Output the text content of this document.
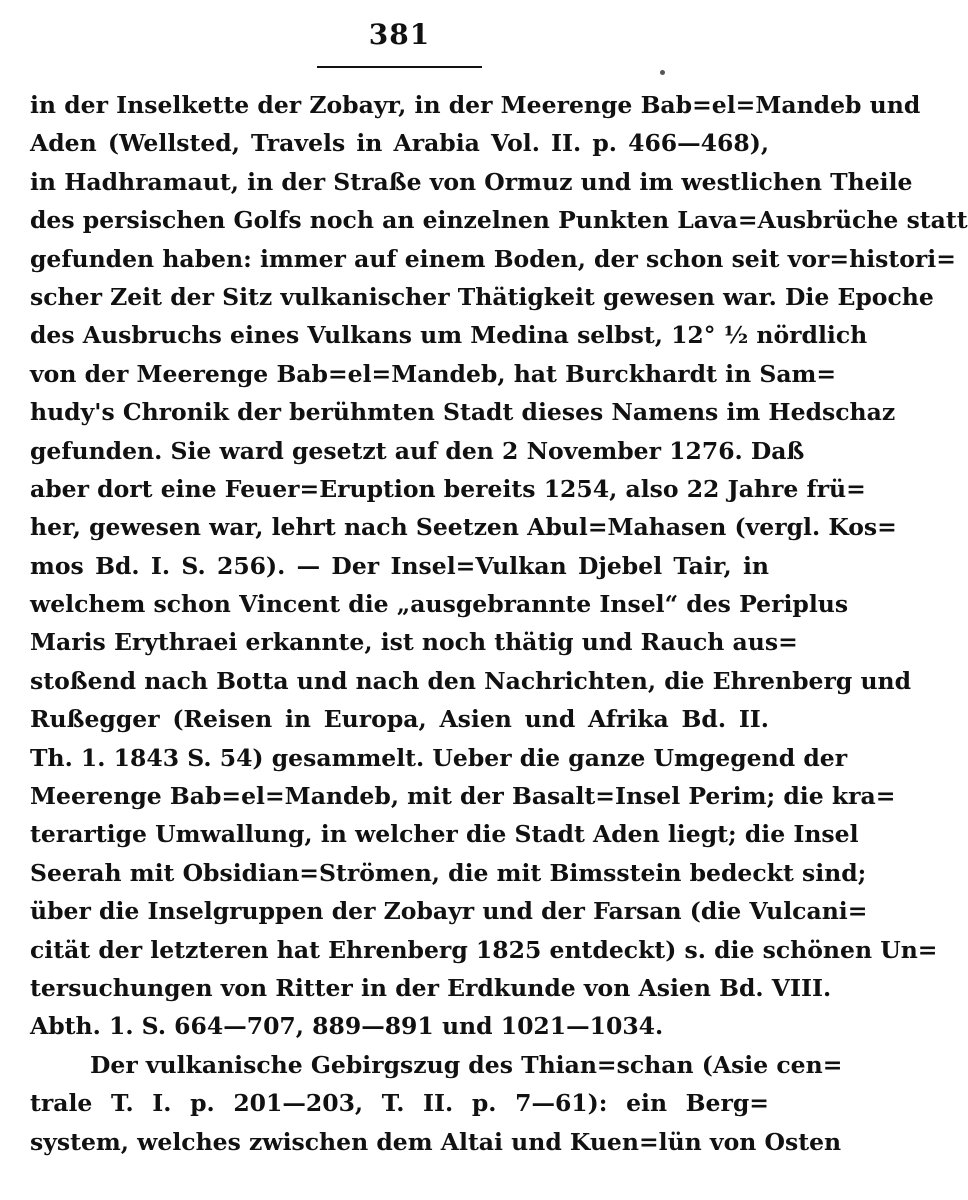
381
in der Inselkette der Zobayr, in der Meerenge Bab=el=Mandeb und
Aden (Wellsted, Travels in Arabia Vol. II. p. 466—468),
in Hadhramaut, in der Straße von Ormuz und im westlichen Theile
des persischen Golfs noch an einzelnen Punkten Lava=Ausbrüche statt
gefunden haben: immer auf einem Boden, der schon seit vor=histori=
scher Zeit der Sitz vulkanischer Thätigkeit gewesen war. Die Epoche
des Ausbruchs eines Vulkans um Medina selbst, 12° ½ nördlich
von der Meerenge Bab=el=Mandeb, hat Burckhardt in Sam=
hudy's Chronik der berühmten Stadt dieses Namens im Hedschaz
gefunden. Sie ward gesetzt auf den 2 November 1276. Daß
aber dort eine Feuer=Eruption bereits 1254, also 22 Jahre frü=
her, gewesen war, lehrt nach Seetzen Abul=Mahasen (vergl. Kos=
mos Bd. I. S. 256). — Der Insel=Vulkan Djebel Tair, in
welchem schon Vincent die „ausgebrannte Insel“ des Periplus
Maris Erythraei erkannte, ist noch thätig und Rauch aus=
stoßend nach Botta und nach den Nachrichten, die Ehrenberg und
Rußegger (Reisen in Europa, Asien und Afrika Bd. II.
Th. 1. 1843 S. 54) gesammelt. Ueber die ganze Umgegend der
Meerenge Bab=el=Mandeb, mit der Basalt=Insel Perim; die kra=
terartige Umwallung, in welcher die Stadt Aden liegt; die Insel
Seerah mit Obsidian=Strömen, die mit Bimsstein bedeckt sind;
über die Inselgruppen der Zobayr und der Farsan (die Vulcani=
cität der letzteren hat Ehrenberg 1825 entdeckt) s. die schönen Un=
tersuchungen von Ritter in der Erdkunde von Asien Bd. VIII.
Abth. 1. S. 664—707, 889—891 und 1021—1034.
Der vulkanische Gebirgszug des Thian=schan (Asie cen=
trale T. I. p. 201—203, T. II. p. 7—61): ein Berg=
system, welches zwischen dem Altai und Kuen=lün von Osten
